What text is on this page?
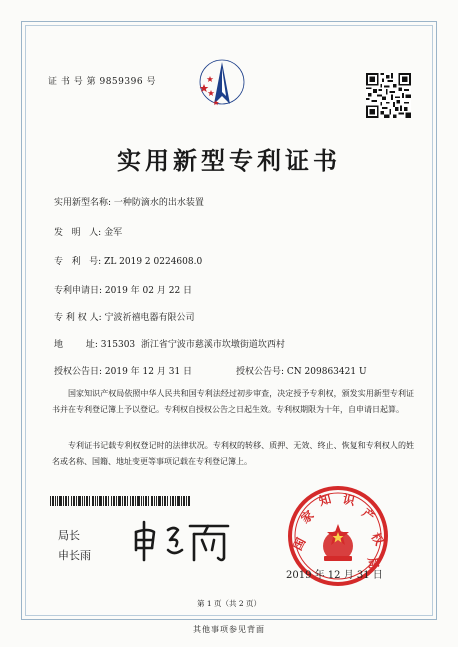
证 书 号 第 9859396 号
实用新型专利证书
实用新型名称: 一种防滴水的出水装置
发   明   人: 金军
专   利   号: ZL 2019 2 0224608.0
专利申请日: 2019 年 02 月 22 日
专 利 权 人: 宁波祈禧电器有限公司
地        址: 315303  浙江省宁波市慈溪市坎墩街道坎西村
授权公告日: 2019 年 12 月 31 日	授权公告号: CN 209863421 U
国家知识产权局依照中华人民共和国专利法经过初步审查，决定授予专利权，颁发实用新型专利证书并在专利登记簿上予以登记。专利权自授权公告之日起生效。专利权期限为十年，自申请日起算。
专利证书记载专利权登记时的法律状况。专利权的转移、质押、无效、终止、恢复和专利权人的姓名或名称、国籍、地址变更等事项记载在专利登记簿上。
局长
申长雨
国
家
知 识
产
权
局
2019 年 12 月 31 日
第 1 页（共 2 页）
其他事项参见背面
